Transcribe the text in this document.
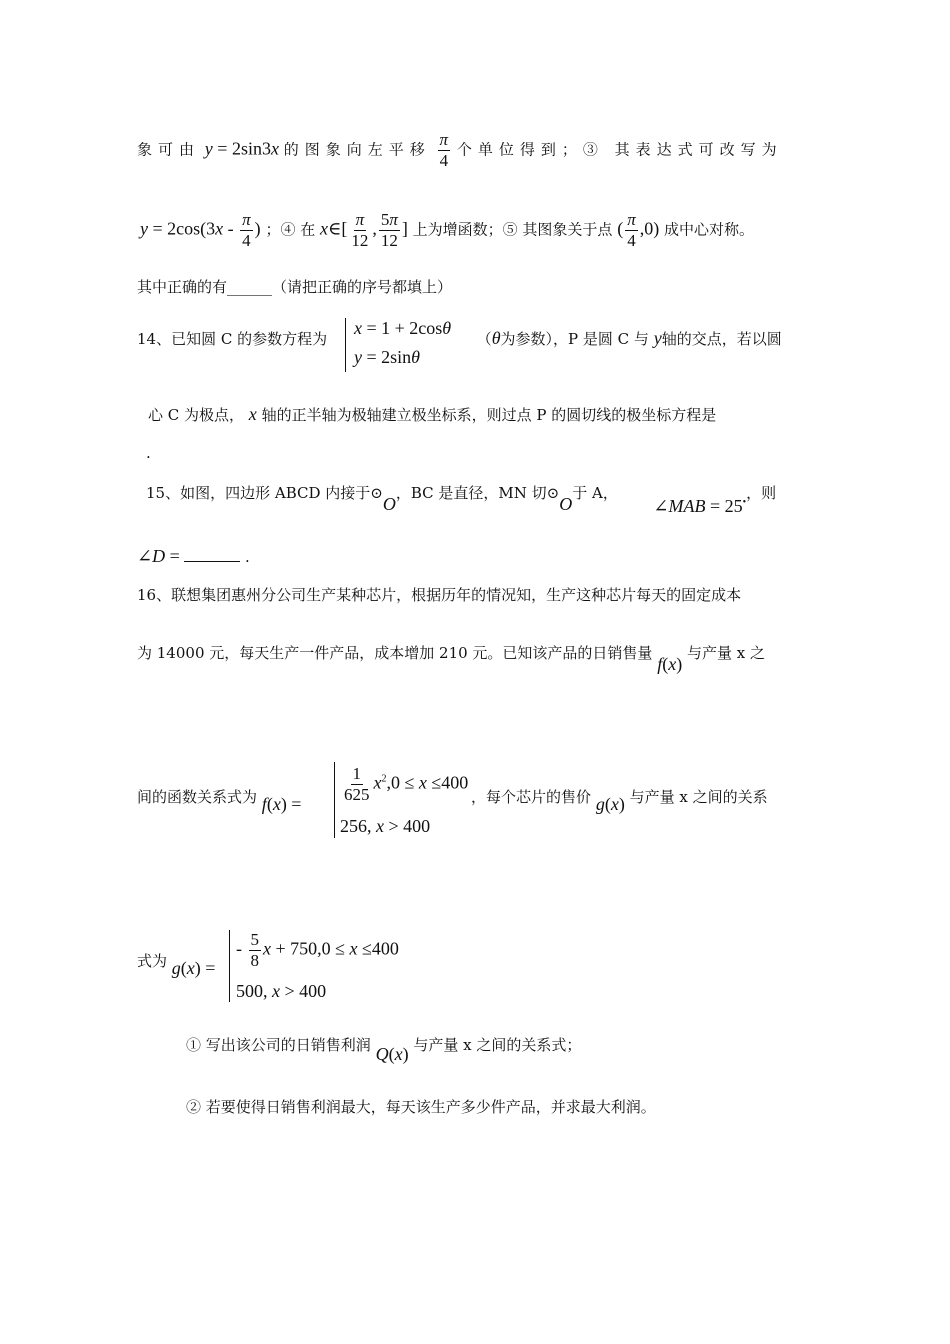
象可由 y = 2sin3x 的图象向左平移 $\frac{\pi}{4}$ 个单位得到；③ 其表达式可改写为
$y = 2\cos(3x - \frac{\pi}{4}$ ) ；④ 在 x∈[ $\frac{\pi}{12}$ , $\frac{5\pi}{12}$ ] 上为增函数；⑤ 其图象关于点 ( $\frac{\pi}{4} ,0$) 成中心对称。
其中正确的有______（请把正确的序号都填上）
14、已知圆 C 的参数方程为	（θ为参数），P 是圆 C 与 y轴的交点，若以圆
x = 1 + 2cosθ
y = 2sinθ
心 C 为极点， x 轴的正半轴为极轴建立极坐标系，则过点 P 的圆切线的极坐标方程是
.
15、如图，四边形 ABCD 内接于⊙O，BC 是直径，MN 切⊙O于 A，  ∠MAB = 25•，则
∠D =	.
16、联想集团惠州分公司生产某种芯片，根据历年的情况知，生产这种芯片每天的固定成本
为 14000 元，每天生产一件产品，成本增加 210 元。已知该产品的日销售量 f(x) 与产量 x 之
间的函数关系式为 f(x) =	，每个芯片的售价 g(x) 与产量 x 之间的关系
$\frac{1}{625} x^2,0 \le x \le 400$
256, x > 400
式为 g(x) =
- $\frac{5}{8}$ x + 750,0 ≤ x ≤400
500, x > 400
① 写出该公司的日销售利润 Q(x) 与产量 x 之间的关系式；
② 若要使得日销售利润最大，每天该生产多少件产品，并求最大利润。
